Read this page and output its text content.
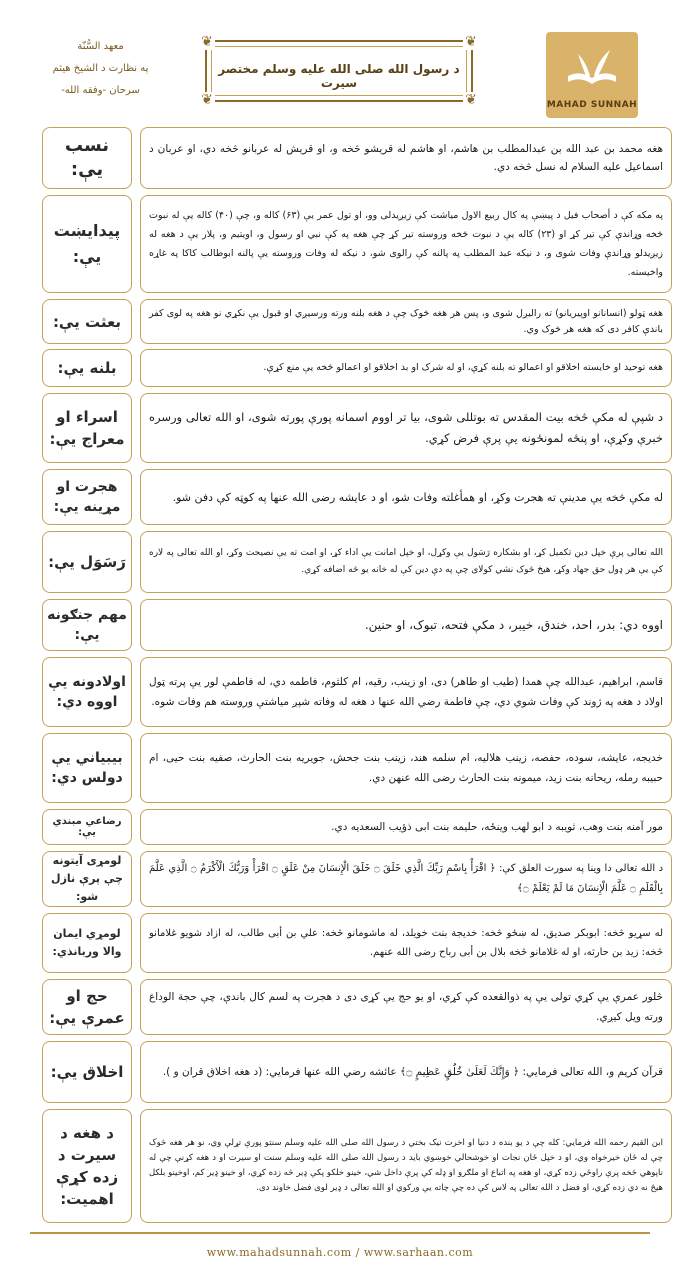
معهد السُّنّة
په نظارت د الشیخ هیثم
سرحان -وفقه الله-
❦	❦
❦	❦
د رسول الله صلی الله علیه وسلم مختصر سیرت
MAHAD SUNNAH
هغه محمد بن عبد الله بن عبدالمطلب بن هاشم، او هاشم له قریشو څخه و، او قریش له عربانو څخه دي، او عربان د اسماعیل علیه السلام له نسل څخه دي.
نسب يې:
په مکه کې د أصحاب فیل د پیښې په کال ربیع الاول میاشت کې زیږیدلی وو، او تول عمر یې (۶۳) کاله و، چې (۴۰) کاله یې له نبوت څخه وړاندې کې تیر کړ او (۲۳) کاله یې د نبوت څخه وروسته تیر کړ چې هغه په کې نبي او رسول و، اویتیم و، پلار یې د هغه له زیږیدلو وړاندې وفات شوی و، د نیکه عبد المطلب په پالنه کې رالوی شو، د نیکه له وفات وروسته یې پالنه ابوطالب کاکا په غاړه واخیسته.
پيدايښت يې:
هغه ټولو (انسانانو اوپیریانو) ته رالیږل شوی و، پس هر هغه څوک چې د هغه بلنه ورته ورسیږي او قبول یې نکړي نو هغه په لوی کفر باندې کافر دی که هغه هر څوک وي.
بعثت يې:
هغه توحید او خایسته اخلاقو او اعمالو ته بلنه کړې، او له شرک او بد اخلاقو او اعمالو څخه یې منع کړې.
بلنه يې:
د شپې له مکې څخه بیت المقدس ته بوتللی شوی، بیا تر اووم اسمانه پورې پورته شوی، او الله تعالی ورسره خبرې وکړې، او پنځه لمونځونه یې پرې فرض کړي.
اسراء او معراج يې:
له مکې څخه یې مدینې ته هجرت وکړ، او همأغلته وفات شو، او د عایشه رضی الله عنها په کوټه کې دفن شو.
هجرت او مړينه يې:
الله تعالی پرې خپل دین تکمیل کړ، او بشکاره رَسَول یې وکړل، او خپل امانت یې اداء کړ، او امت ته یې نصیحت وکړ، او الله تعالی په لاره کې یې هر ډول حق جهاد وکړ، هیڅ څوک نشي کولای چې په دې دین کې له خانه یو څه اضافه کړي.
رَسَوَل يې:
اووه دي: بدر، احد، خندق، خیبر، د مکې فتحه، تبوک، او حنین.
مهم جنګونه يې:
قاسم، ابراهیم، عبدالله چې همدا (طیب او طاهر) دی، او زینب، رقیه، ام کلثوم، فاطمه دي، له فاطمې لور یې پرته ټول اولاد د هغه په ژوند کې وفات شوي دي، چې فاطمة رضي الله عنها د هغه له وفاته شپږ میاشتې وروسته هم وفات شوه.
اولادونه يې اووه دي:
خدیجه، عایشه، سوده، حفصه، زینب هلالیه، ام سلمه هند، زینب بنت جحش، جویریه بنت الحارث، صفیه بنت حیی، ام حبیبه رمله، ریحانه بنت زید، میمونه بنت الحارث رضی الله عنهن دي.
بيبياني يې دولس دي:
مور آمنه بنت وهب، ثويبه د ابو لهب وینځه، حلیمه بنت ابی ذؤیب السعدیه دي.
رضاعي مبندي يې:
د الله تعالی دا وینا په سورت العلق کې: ﴿ اقْرَأْ بِاسْمِ رَبِّكَ الَّذِي خَلَقَ ۝ خَلَقَ الْإِنسَانَ مِنْ عَلَقٍ ۝ اقْرَأْ وَرَبُّكَ الْأَكْرَمُ ۝ الَّذِي عَلَّمَ بِالْقَلَمِ ۝ عَلَّمَ الْإِنسَانَ مَا لَمْ يَعْلَمْ ۝﴾
لومړی آيتونه چې پرې نازل شو:
له سړيو څخه: ابوبکر صدیق، له ښځو څخه: خدیجة بنت خویلد، له ماشومانو څخه: علي بن أبی طالب، له ازاد شويو غلامانو څخه: زید بن حارثه، او له غلامانو څخه بلال بن أبی رباح رضی الله عنهم.
لومړي ايمان والا وربانذي:
څلور عمرې یې کړي تولی یې په ذوالقعده کې کړي، او یو حج یې کړی دی د هجرت په لسم کال باندې، چې حجة الوداع ورته ویل کیږي.
حج او عمرې يې:
قرآن کریم و، الله تعالی فرمایي: ﴿ وَإِنَّكَ لَعَلَىٰ خُلُقٍ عَظِيمٍ ۝﴾ عائشه رضي الله عنها فرمايي: (د هغه اخلاق قران و ).
اخلاق يې:
ابن القیم رحمه الله فرمایي: کله چې د یو بنده د دنیا او اخرت نیک بختي د رسول الله صلی الله علیه وسلم سنتو پورې تړلې وي، نو هر هغه څوک چې له ځان خیرخواه وي، او د خپل ځان نجات او خوشحالي خوښوي باید د رسول الله صلی الله علیه وسلم سنت او سیرت او د هغه کړنې چې له ناپوهي څخه پرې راوځي زده کړي، او هغه په اتباع او ملګرو او ډله کې پرې داخل شي، خینو خلکو پکې ډیر څه زده کړي، او خینو ډیر کم، اوخینو بلکل هیڅ نه دي زده کړي، او فضل د الله تعالی په لاس کې ده چې چاته یې ورکوي او الله تعالی د ډیر لوی فضل خاوند دی.
د هغه د سيرت د زده کړې اهميت:
www.mahadsunnah.com / www.sarhaan.com
